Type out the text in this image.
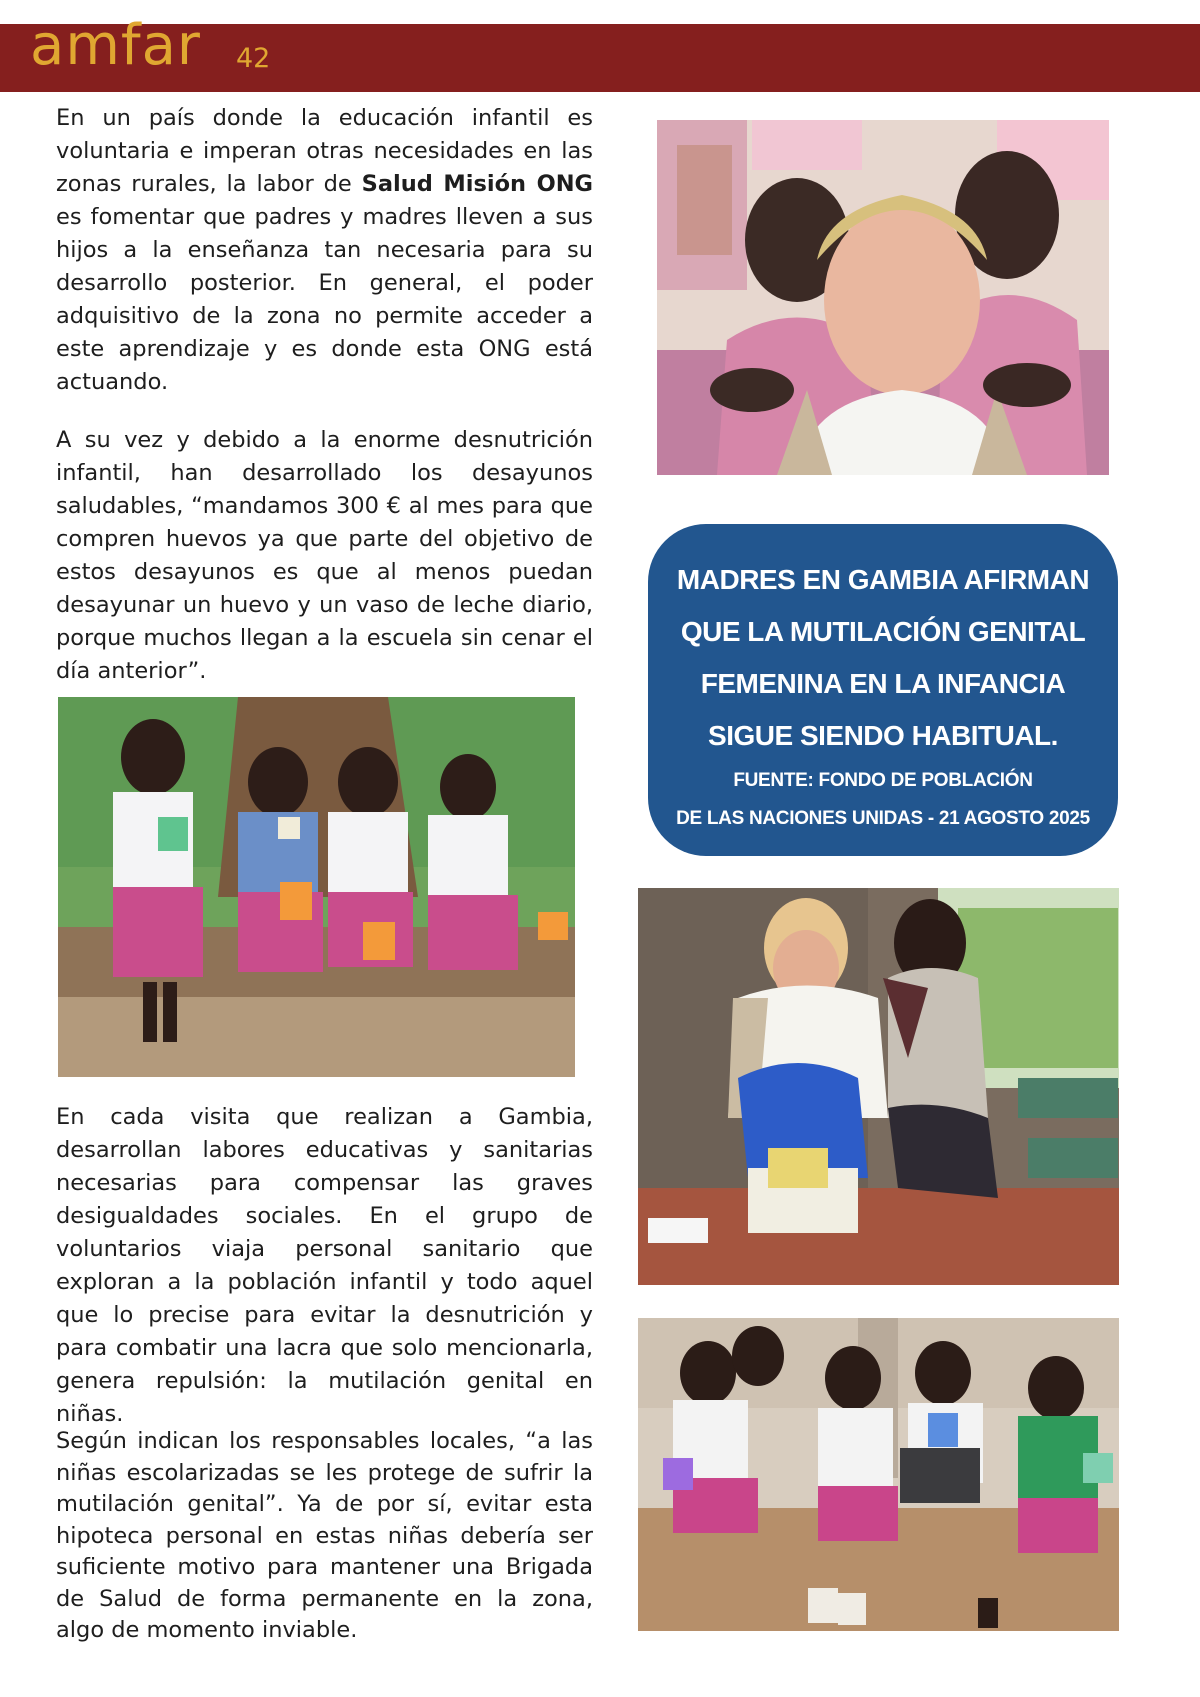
amfar 42

En un país donde la educación infantil es voluntaria e imperan otras necesidades en las zonas rurales, la labor de Salud Misión ONG es fomentar que padres y madres lleven a sus hijos a la enseñanza tan necesaria para su desarrollo posterior. En general, el poder adquisitivo de la zona no permite acceder a este aprendizaje y es donde esta ONG está actuando.

A su vez y debido a la enorme desnutrición infantil, han desarrollado los desayunos saludables, “mandamos 300 € al mes para que compren huevos ya que parte del objetivo de estos desayunos es que al menos puedan desayunar un huevo y un vaso de leche diario, porque muchos llegan a la escuela sin cenar el día anterior”.

En cada visita que realizan a Gambia, desarrollan labores educativas y sanitarias necesarias para compensar las graves desigualdades sociales. En el grupo de voluntarios viaja personal sanitario que exploran a la población infantil y todo aquel que lo precise para evitar la desnutrición y para combatir una lacra que solo mencionarla, genera repulsión: la mutilación genital en niñas.

Según indican los responsables locales, “a las niñas escolarizadas se les protege de sufrir la mutilación genital”. Ya de por sí, evitar esta hipoteca personal en estas niñas debería ser suficiente motivo para mantener una Brigada de Salud de forma permanente en la zona, algo de momento inviable.

MADRES EN GAMBIA AFIRMAN QUE LA MUTILACIÓN GENITAL FEMENINA EN LA INFANCIA SIGUE SIENDO HABITUAL.
FUENTE: FONDO DE POBLACIÓN
DE LAS NACIONES UNIDAS - 21 AGOSTO 2025
